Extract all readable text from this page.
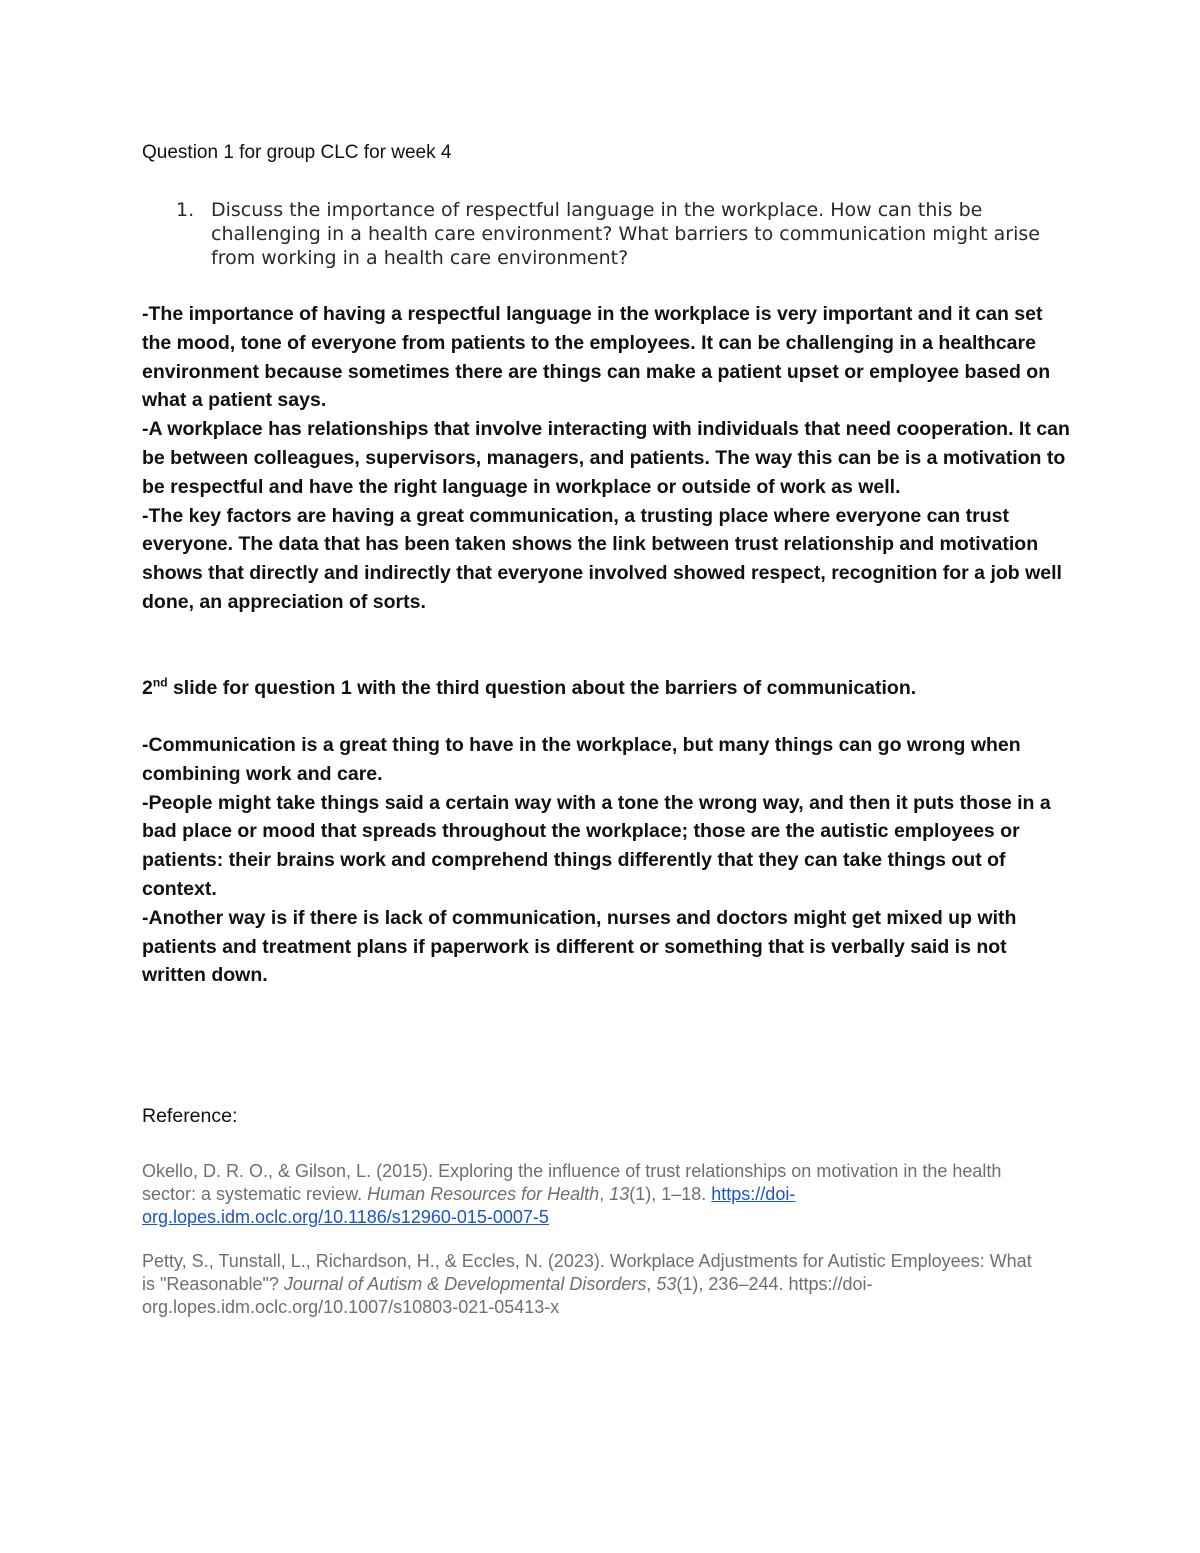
Question 1 for group CLC for week 4
1. Discuss the importance of respectful language in the workplace. How can this be challenging in a health care environment? What barriers to communication might arise from working in a health care environment?

-The importance of having a respectful language in the workplace is very important and it can set the mood, tone of everyone from patients to the employees. It can be challenging in a healthcare environment because sometimes there are things can make a patient upset or employee based on what a patient says.

-A workplace has relationships that involve interacting with individuals that need cooperation. It can be between colleagues, supervisors, managers, and patients. The way this can be is a motivation to be respectful and have the right language in workplace or outside of work as well.

-The key factors are having a great communication, a trusting place where everyone can trust everyone. The data that has been taken shows the link between trust relationship and motivation shows that directly and indirectly that everyone involved showed respect, recognition for a job well done, an appreciation of sorts.

2nd slide for question 1 with the third question about the barriers of communication.

-Communication is a great thing to have in the workplace, but many things can go wrong when combining work and care.

-People might take things said a certain way with a tone the wrong way, and then it puts those in a bad place or mood that spreads throughout the workplace; those are the autistic employees or patients: their brains work and comprehend things differently that they can take things out of context.

-Another way is if there is lack of communication, nurses and doctors might get mixed up with patients and treatment plans if paperwork is different or something that is verbally said is not written down.

Reference:
Okello, D. R. O., & Gilson, L. (2015). Exploring the influence of trust relationships on motivation in the health sector: a systematic review. Human Resources for Health, 13(1), 1–18. https://doi-org.lopes.idm.oclc.org/10.1186/s12960-015-0007-5
Petty, S., Tunstall, L., Richardson, H., & Eccles, N. (2023). Workplace Adjustments for Autistic Employees: What is "Reasonable"? Journal of Autism & Developmental Disorders, 53(1), 236–244. https://doi-org.lopes.idm.oclc.org/10.1007/s10803-021-05413-x
